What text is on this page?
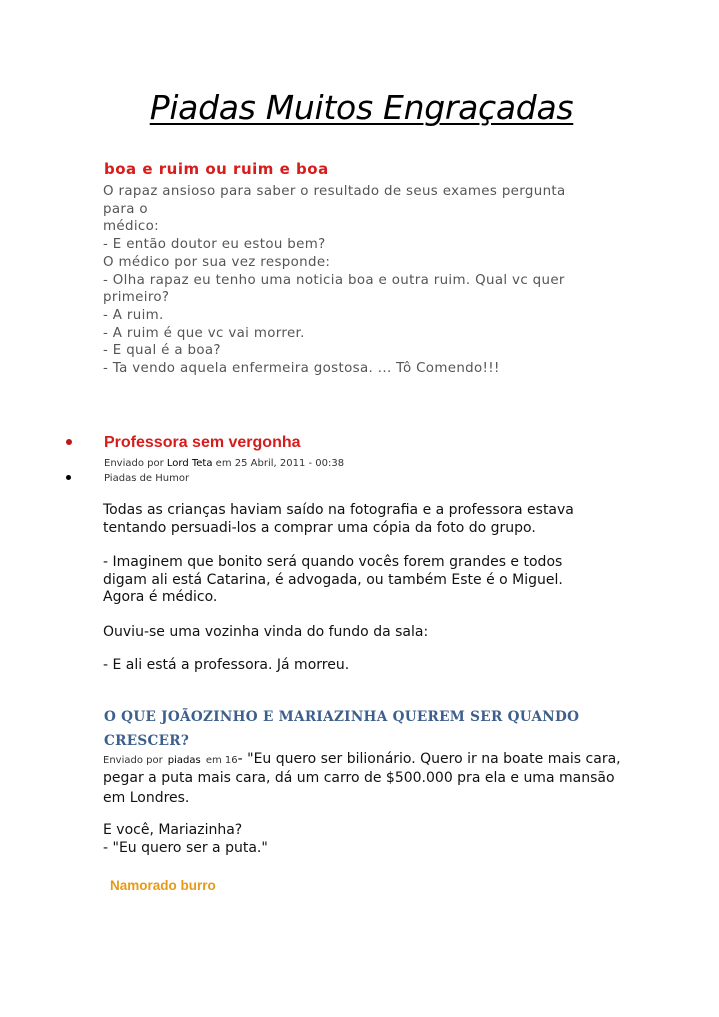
Piadas Muitos Engraçadas
boa e ruim ou ruim e boa
O rapaz ansioso para saber o resultado de seus exames pergunta
para o
médico:
- E então doutor eu estou bem?
O médico por sua vez responde:
- Olha rapaz eu tenho uma noticia boa e outra ruim. Qual vc quer
primeiro?
- A ruim.
- A ruim é que vc vai morrer.
- E qual é a boa?
- Ta vendo aquela enfermeira gostosa. ... Tô Comendo!!!
Professora sem vergonha
Enviado por Lord Teta em 25 Abril, 2011 - 00:38
Piadas de Humor
Todas as crianças haviam saído na fotografia e a professora estava
tentando persuadi-los a comprar uma cópia da foto do grupo.
- Imaginem que bonito será quando vocês forem grandes e todos
digam ali está Catarina, é advogada, ou também Este é o Miguel.
Agora é médico.
Ouviu-se uma vozinha vinda do fundo da sala:
- E ali está a professora. Já morreu.
O QUE JOÃOZINHO E MARIAZINHA QUEREM SER QUANDO
CRESCER?
Enviado por piadas em 16- "Eu quero ser bilionário. Quero ir na boate mais cara,
pegar a puta mais cara, dá um carro de $500.000 pra ela e uma mansão
em Londres.
E você, Mariazinha?
- "Eu quero ser a puta."
Namorado burro
